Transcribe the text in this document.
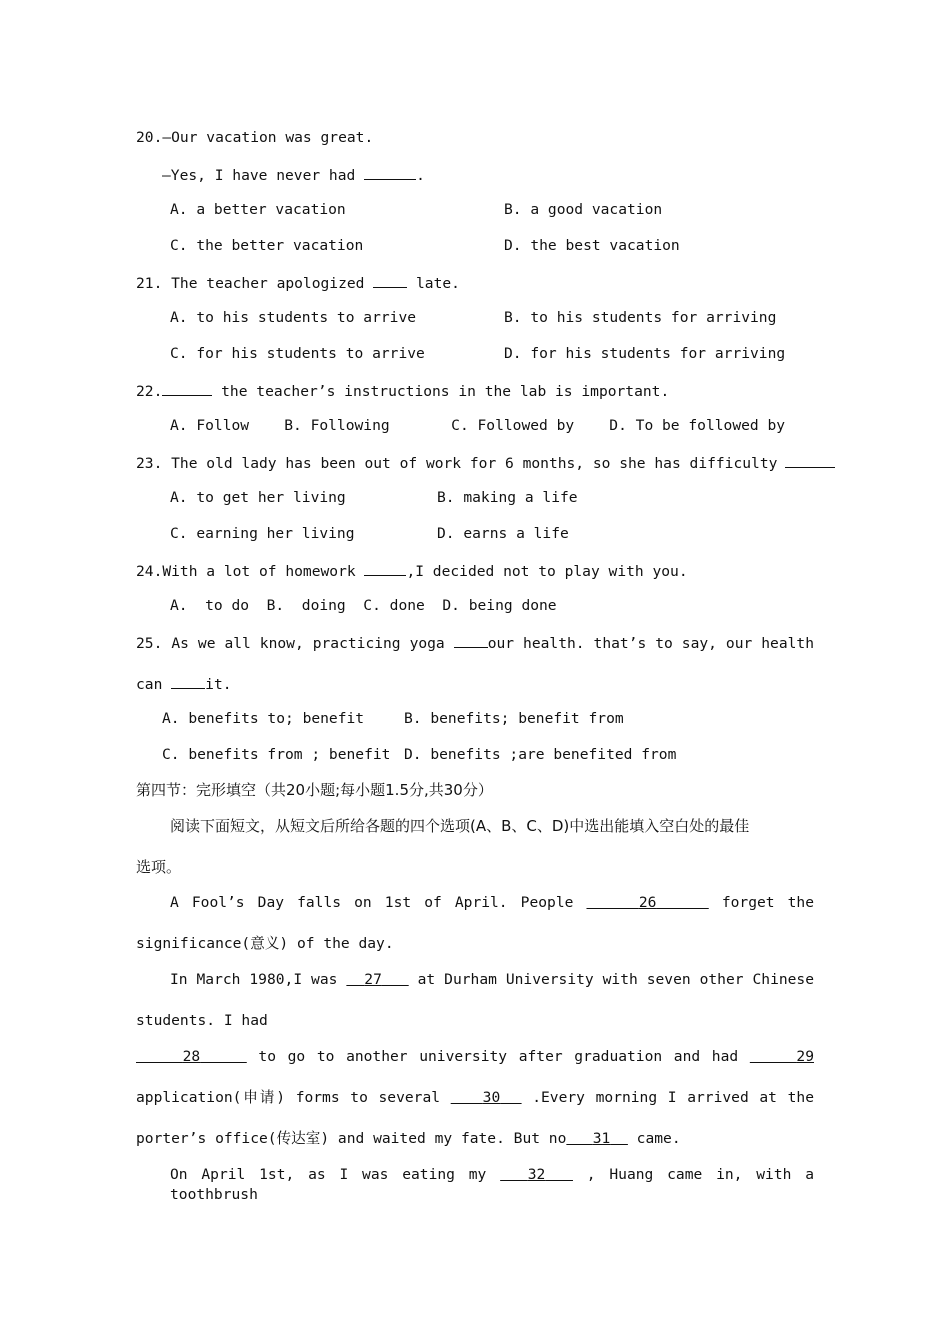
20.—Our vacation was great.
—Yes, I have never had	.
A. a better vacation	B. a good vacation
C. the better vacation	D. the best vacation
21. The teacher apologized  late.
A. to his students to arrive	B. to his students for arriving
C. for his students to arrive	D. for his students for arriving
22.	the teacher’s instructions in the lab is important.
A. Follow    B. Following       C. Followed by    D. To be followed by
23. The old lady has been out of work for 6 months, so she has difficulty
A. to get her living	B. making a life
C. earning her living	D. earns a life
24.With a lot of homework	,I decided not to play with you.
A.  to do  B.  doing  C. done  D. being done
25. As we all know, practicing yoga our health. that’s to say, our health
can it.
A. benefits to; benefit	B. benefits; benefit from
C. benefits from ; benefit D. benefits ;are benefited from
第四节：完形填空（共20小题;每小题1.5分,共30分）
阅读下面短文，从短文后所给各题的四个选项(A、B、C、D)中选出能填入空白处的最佳
选项。
A Fool’s Day falls on 1st of April. People	26	forget the
significance(意义) of the day.
In March 1980,I was   27    at Durham University with seven other Chinese
students. I had
28	to go to another university after graduation and had	29
application(申请) forms to several    30   .Every morning I arrived at the
porter’s office(传达室) and waited my fate. But no 31   came.
On April 1st, as I was eating my   32   , Huang came in, with a toothbrush
